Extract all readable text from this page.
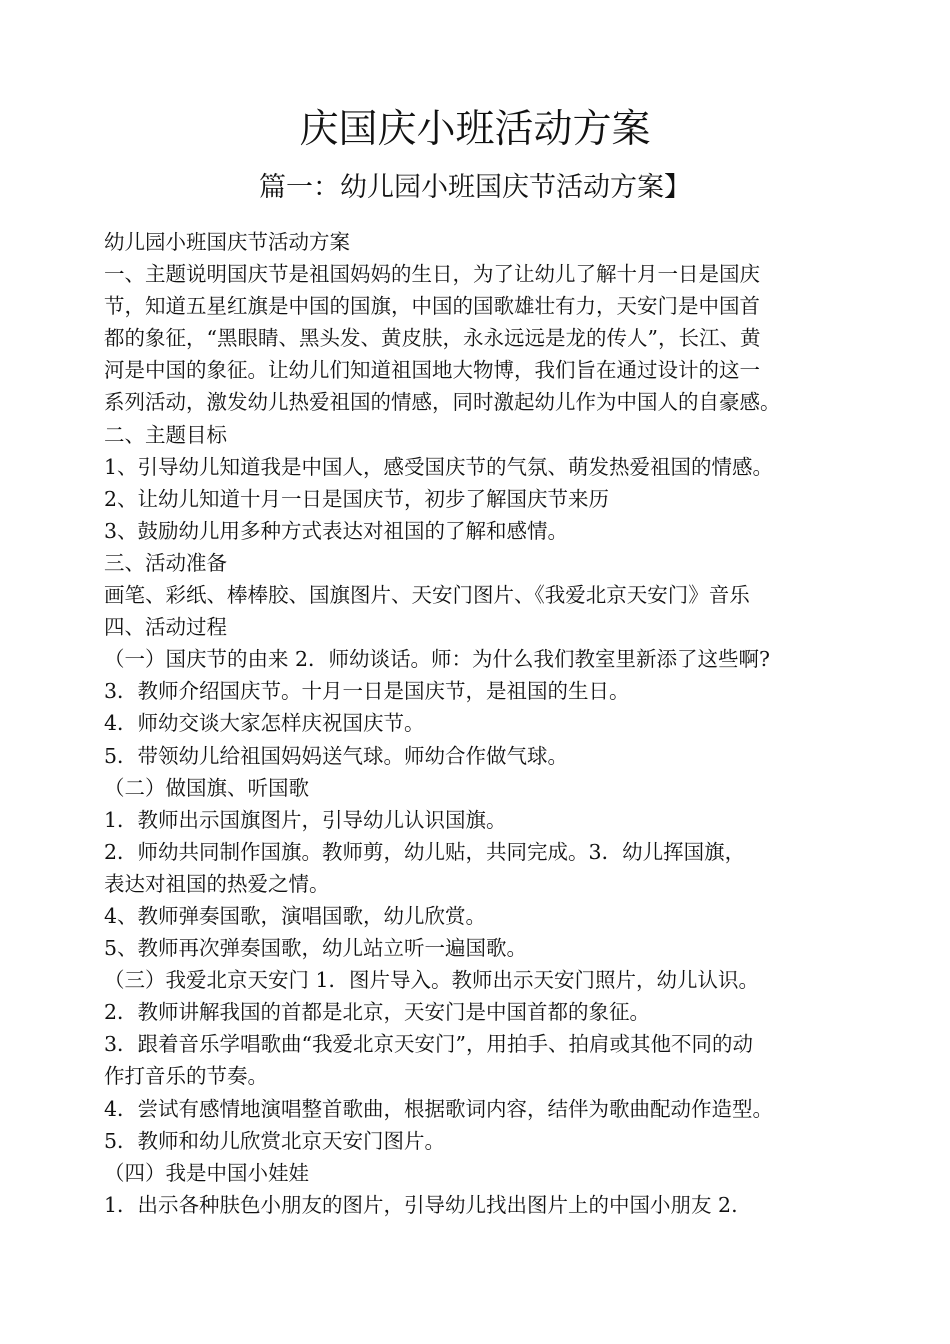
庆国庆小班活动方案
篇一：幼儿园小班国庆节活动方案】

幼儿园小班国庆节活动方案

一、主题说明国庆节是祖国妈妈的生日，为了让幼儿了解十月一日是国庆

节，知道五星红旗是中国的国旗，中国的国歌雄壮有力，天安门是中国首

都的象征，“黑眼睛、黑头发、黄皮肤，永永远远是龙的传人”，长江、黄

河是中国的象征。让幼儿们知道祖国地大物博，我们旨在通过设计的这一

系列活动，激发幼儿热爱祖国的情感，同时激起幼儿作为中国人的自豪感。

二、主题目标

1、引导幼儿知道我是中国人，感受国庆节的气氛、萌发热爱祖国的情感。

2、让幼儿知道十月一日是国庆节，初步了解国庆节来历

3、鼓励幼儿用多种方式表达对祖国的了解和感情。

三、活动准备

画笔、彩纸、棒棒胶、国旗图片、天安门图片、《我爱北京天安门》音乐

四、活动过程

（一）国庆节的由来 2．师幼谈话。师：为什么我们教室里新添了这些啊?

3．教师介绍国庆节。十月一日是国庆节，是祖国的生日。

4．师幼交谈大家怎样庆祝国庆节。

5．带领幼儿给祖国妈妈送气球。师幼合作做气球。

（二）做国旗、听国歌

1．教师出示国旗图片，引导幼儿认识国旗。

2．师幼共同制作国旗。教师剪，幼儿贴，共同完成。3．幼儿挥国旗，

表达对祖国的热爱之情。

4、教师弹奏国歌，演唱国歌，幼儿欣赏。

5、教师再次弹奏国歌，幼儿站立听一遍国歌。

（三）我爱北京天安门 1．图片导入。教师出示天安门照片，幼儿认识。

2．教师讲解我国的首都是北京，天安门是中国首都的象征。

3．跟着音乐学唱歌曲“我爱北京天安门”，用拍手、拍肩或其他不同的动

作打音乐的节奏。

4．尝试有感情地演唱整首歌曲，根据歌词内容，结伴为歌曲配动作造型。

5．教师和幼儿欣赏北京天安门图片。

（四）我是中国小娃娃

1．出示各种肤色小朋友的图片，引导幼儿找出图片上的中国小朋友 2.
